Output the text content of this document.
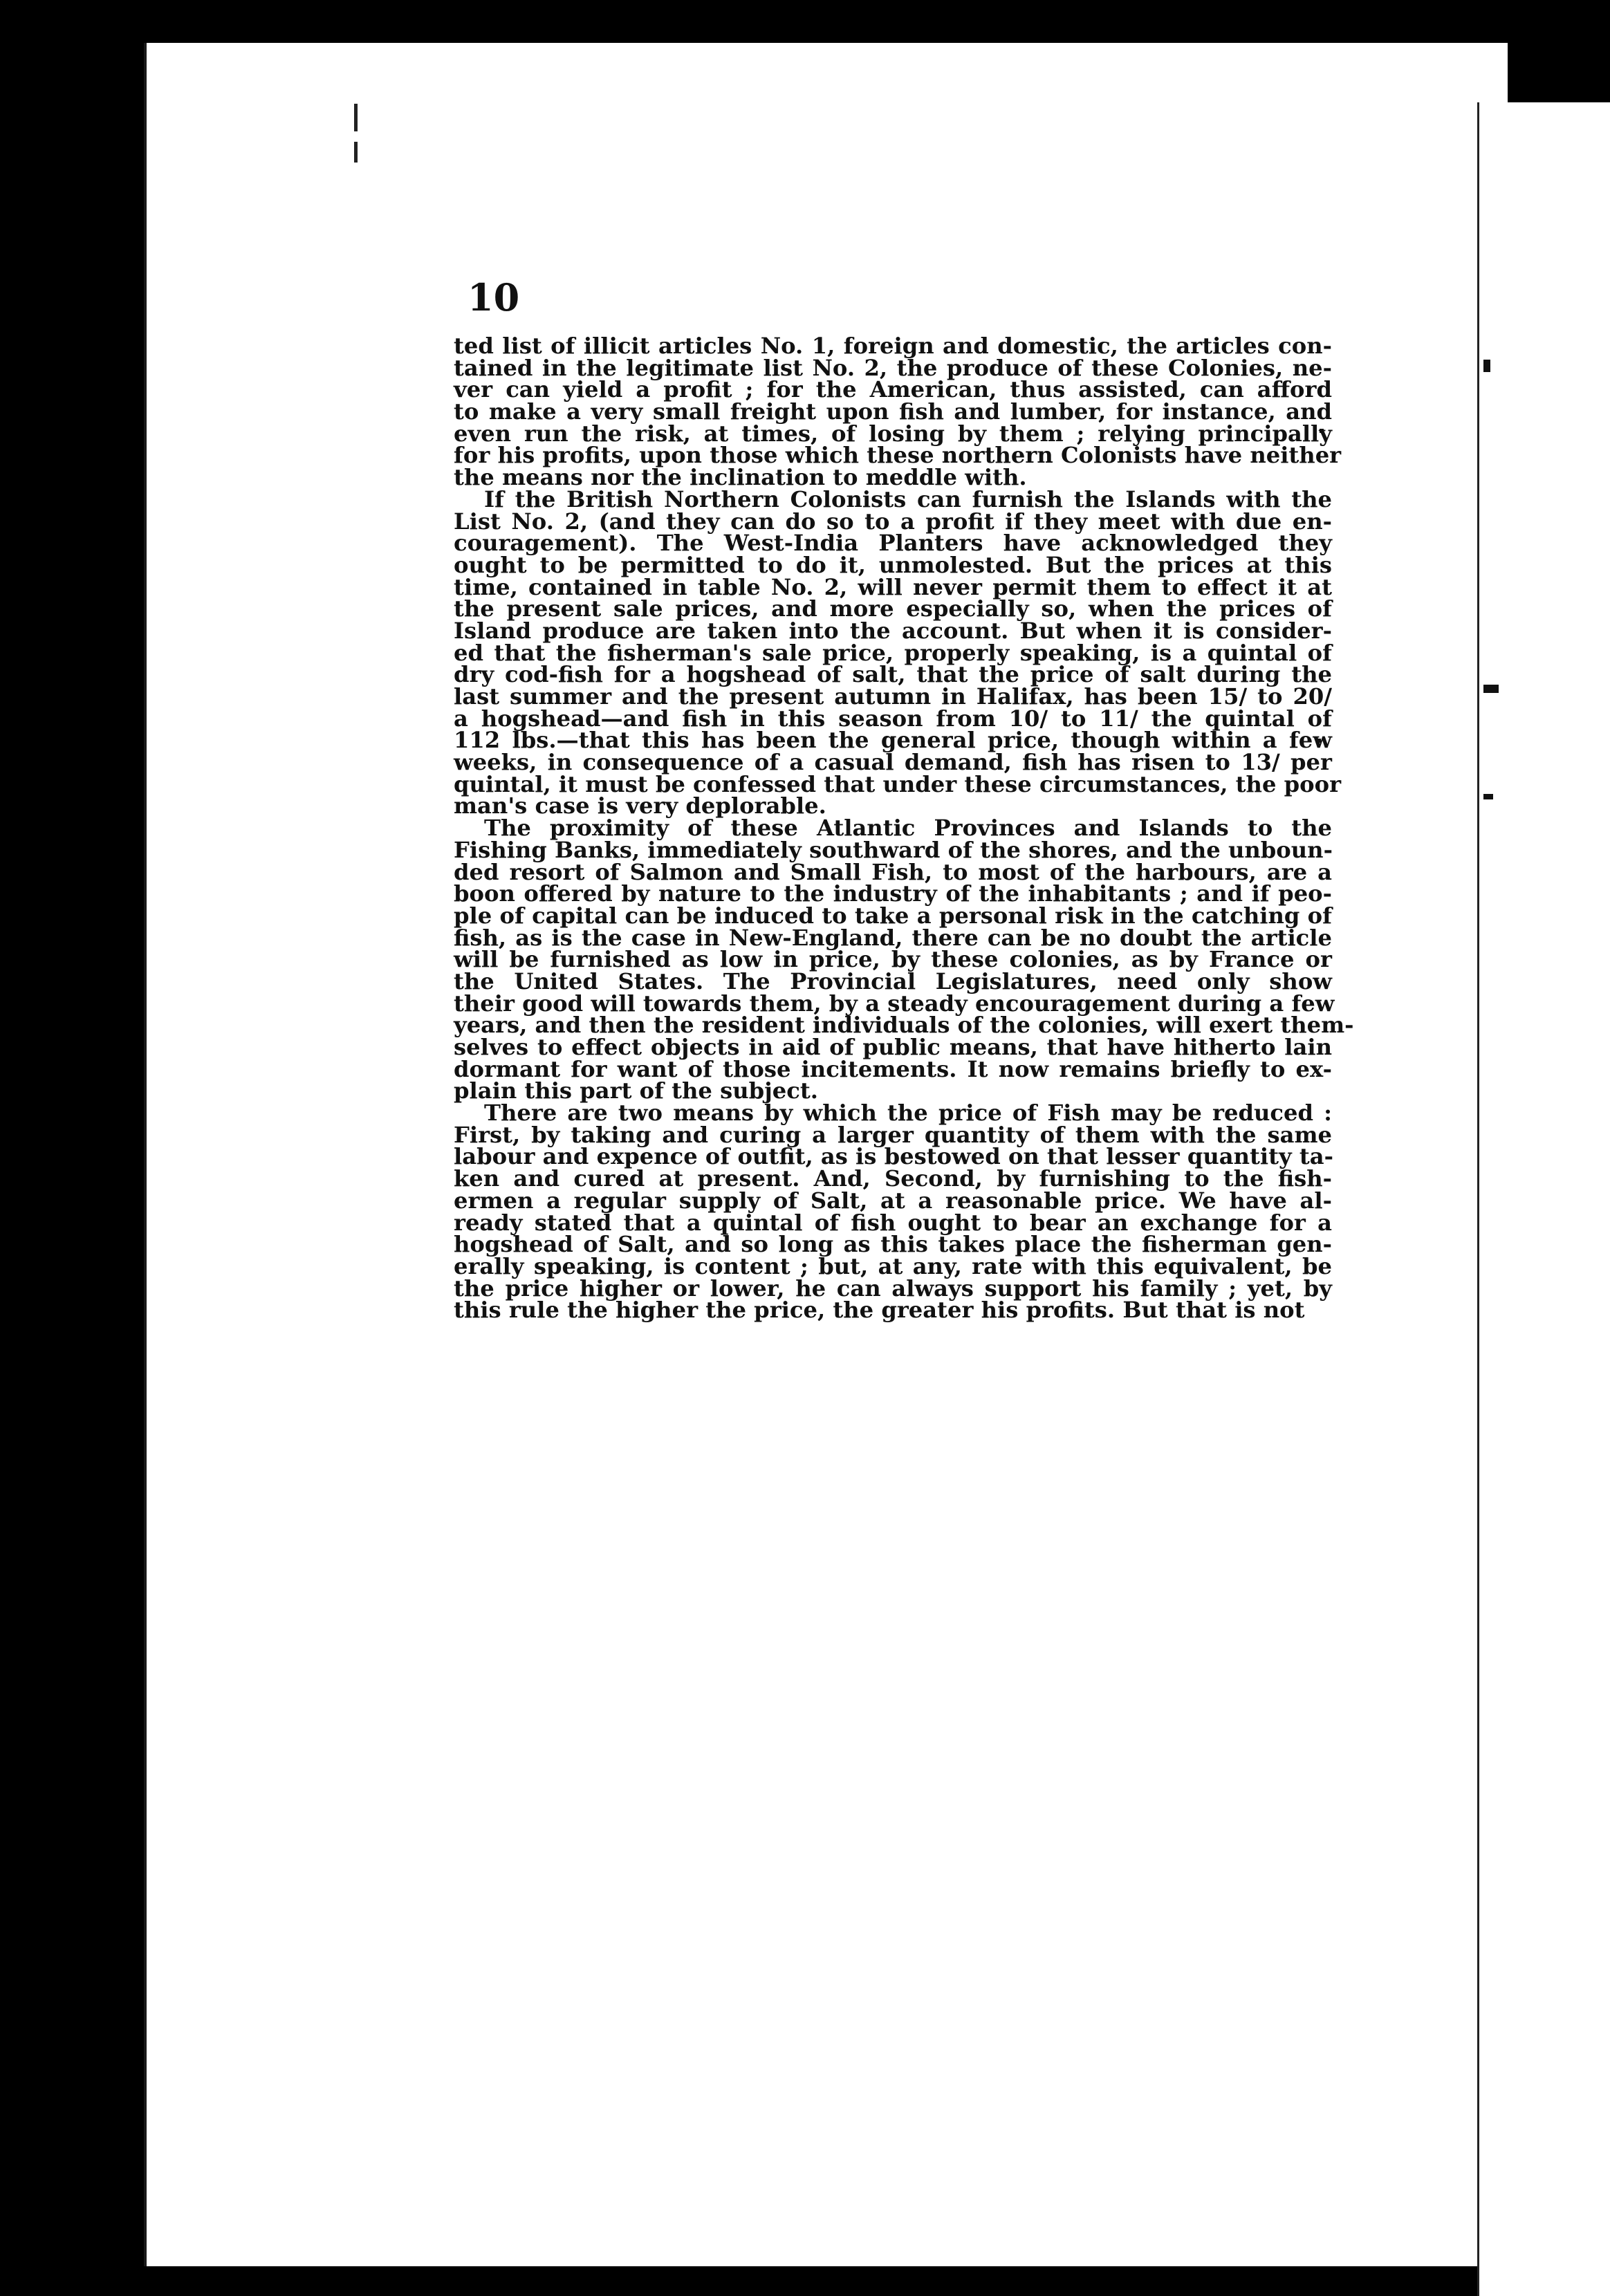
10
ted list of illicit articles No. 1, foreign and domestic, the articles con-
tained in the legitimate list No. 2, the produce of these Colonies, ne-
ver can yield a profit ; for the American, thus assisted, can afford
to make a very small freight upon fish and lumber, for instance, and
even run the risk, at times, of losing by them ; relying principally
for his profits, upon those which these northern Colonists have neither
the means nor the inclination to meddle with.
If the British Northern Colonists can furnish the Islands with the
List No. 2, (and they can do so to a profit if they meet with due en-
couragement). The West-India Planters have acknowledged they
ought to be permitted to do it, unmolested. But the prices at this
time, contained in table No. 2, will never permit them to effect it at
the present sale prices, and more especially so, when the prices of
Island produce are taken into the account. But when it is consider-
ed that the fisherman's sale price, properly speaking, is a quintal of
dry cod-fish for a hogshead of salt, that the price of salt during the
last summer and the present autumn in Halifax, has been 15/ to 20/
a hogshead—and fish in this season from 10/ to 11/ the quintal of
112 lbs.—that this has been the general price, though within a few
weeks, in consequence of a casual demand, fish has risen to 13/ per
quintal, it must be confessed that under these circumstances, the poor
man's case is very deplorable.
The proximity of these Atlantic Provinces and Islands to the
Fishing Banks, immediately southward of the shores, and the unboun-
ded resort of Salmon and Small Fish, to most of the harbours, are a
boon offered by nature to the industry of the inhabitants ; and if peo-
ple of capital can be induced to take a personal risk in the catching of
fish, as is the case in New-England, there can be no doubt the article
will be furnished as low in price, by these colonies, as by France or
the United States. The Provincial Legislatures, need only show
their good will towards them, by a steady encouragement during a few
years, and then the resident individuals of the colonies, will exert them-
selves to effect objects in aid of public means, that have hitherto lain
dormant for want of those incitements. It now remains briefly to ex-
plain this part of the subject.
There are two means by which the price of Fish may be reduced :
First, by taking and curing a larger quantity of them with the same
labour and expence of outfit, as is bestowed on that lesser quantity ta-
ken and cured at present. And, Second, by furnishing to the fish-
ermen a regular supply of Salt, at a reasonable price. We have al-
ready stated that a quintal of fish ought to bear an exchange for a
hogshead of Salt, and so long as this takes place the fisherman gen-
erally speaking, is content ; but, at any, rate with this equivalent, be
the price higher or lower, he can always support his family ; yet, by
this rule the higher the price, the greater his profits. But that is not
